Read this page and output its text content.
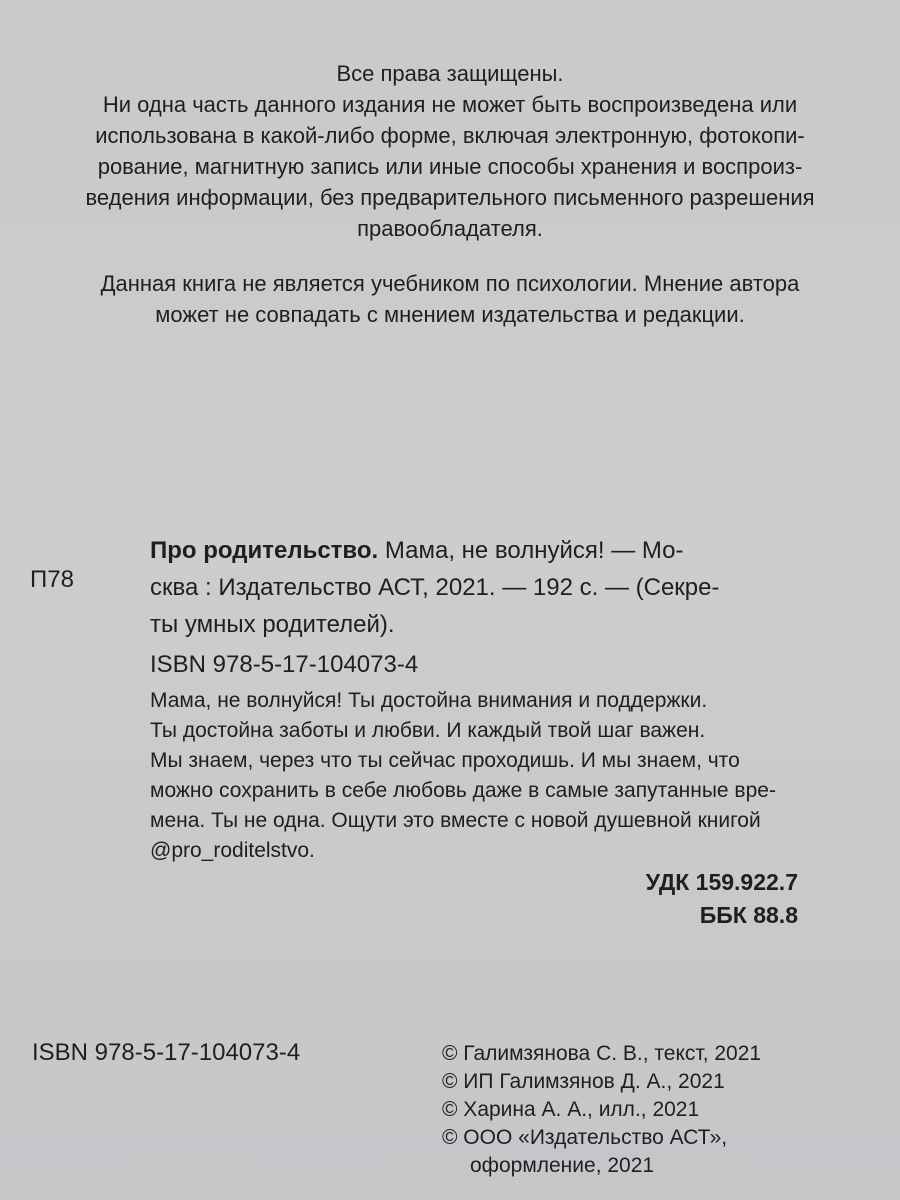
Все права защищены.
Ни одна часть данного издания не может быть воспроизведена или
использована в какой-либо форме, включая электронную, фотокопи-
рование, магнитную запись или иные способы хранения и воспроиз-
ведения информации, без предварительного письменного разрешения
правообладателя.
Данная книга не является учебником по психологии. Мнение автора
может не совпадать с мнением издательства и редакции.
П78
Про родительство. Мама, не волнуйся! — Мо-
сква : Издательство АСТ, 2021. — 192 с. — (Секре-
ты умных родителей).
ISBN 978-5-17-104073-4
Мама, не волнуйся! Ты достойна внимания и поддержки.
Ты достойна заботы и любви. И каждый твой шаг важен.
Мы знаем, через что ты сейчас проходишь. И мы знаем, что
можно сохранить в себе любовь даже в самые запутанные вре-
мена. Ты не одна. Ощути это вместе с новой душевной книгой
@pro_roditelstvo.
УДК 159.922.7
ББК 88.8
ISBN 978-5-17-104073-4	© Галимзянова С. В., текст, 2021
© ИП Галимзянов Д. А., 2021
© Харина А. А., илл., 2021
© ООО «Издательство АСТ»,
оформление, 2021
